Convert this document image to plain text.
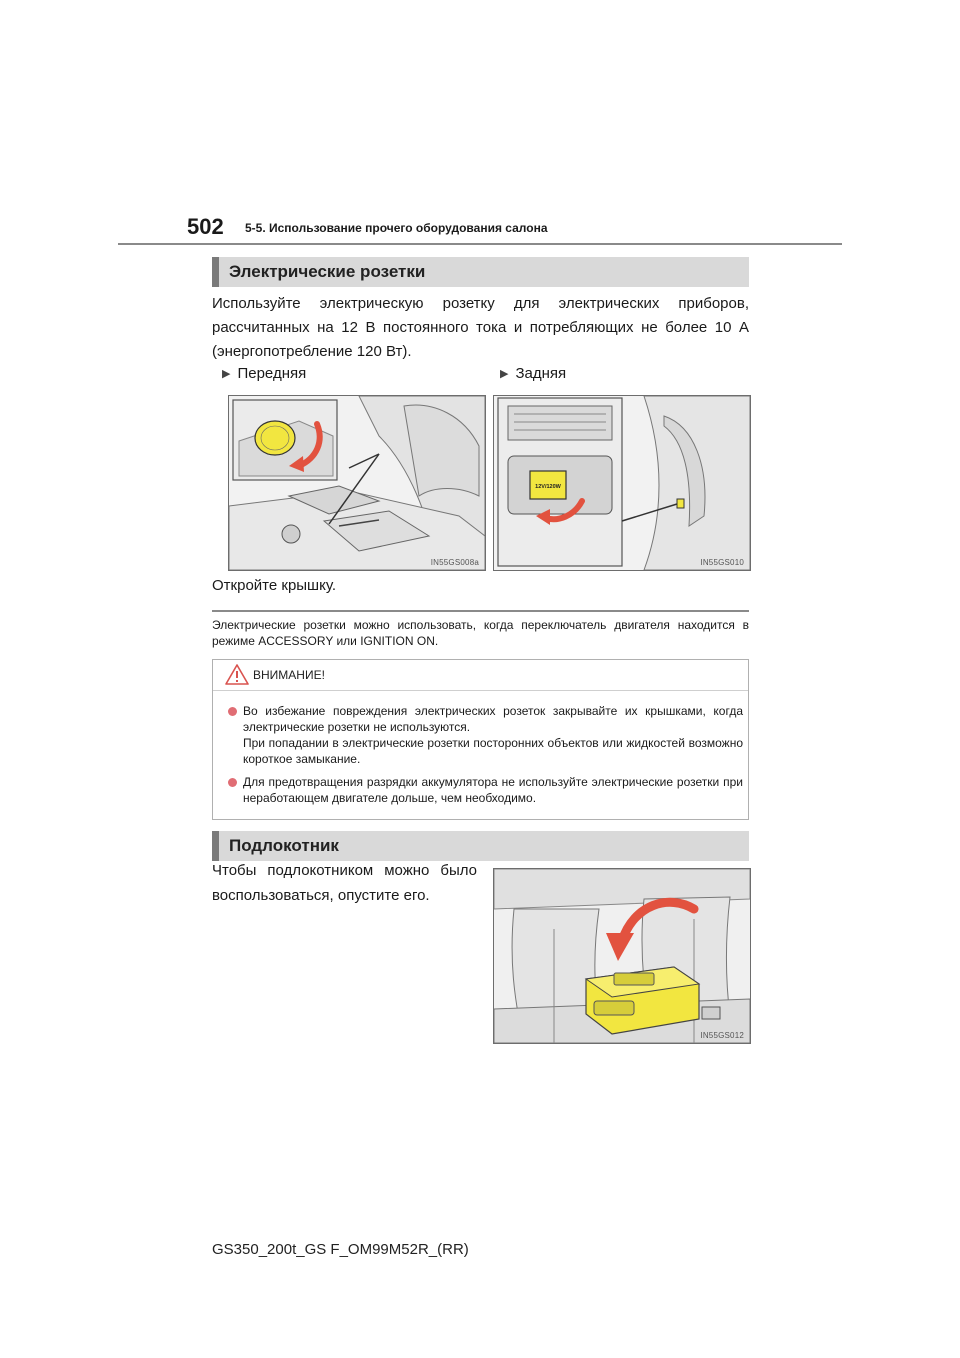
502 5-5. Использование прочего оборудования салона
Электрические розетки
Используйте электрическую розетку для электрических приборов, рассчитанных на 12 В постоянного тока и потребляющих не более 10 А (энергопотребление 120 Вт).
▶ Передняя	▶ Задняя
IN55GS008a
12V/120W
IN55GS010
Откройте крышку.
Электрические розетки можно использовать, когда переключатель двигателя находится в режиме ACCESSORY или IGNITION ON.
ВНИМАНИЕ!
Во избежание повреждения электрических розеток закрывайте их крышками, когда электрические розетки не используются.
При попадании в электрические розетки посторонних объектов или жидкостей возможно короткое замыкание.
Для предотвращения разрядки аккумулятора не используйте электрические розетки при неработающем двигателе дольше, чем необходимо.
Подлокотник
Чтобы подлокотником можно было воспользоваться, опустите его.
IN55GS012
GS350_200t_GS F_OM99M52R_(RR)
